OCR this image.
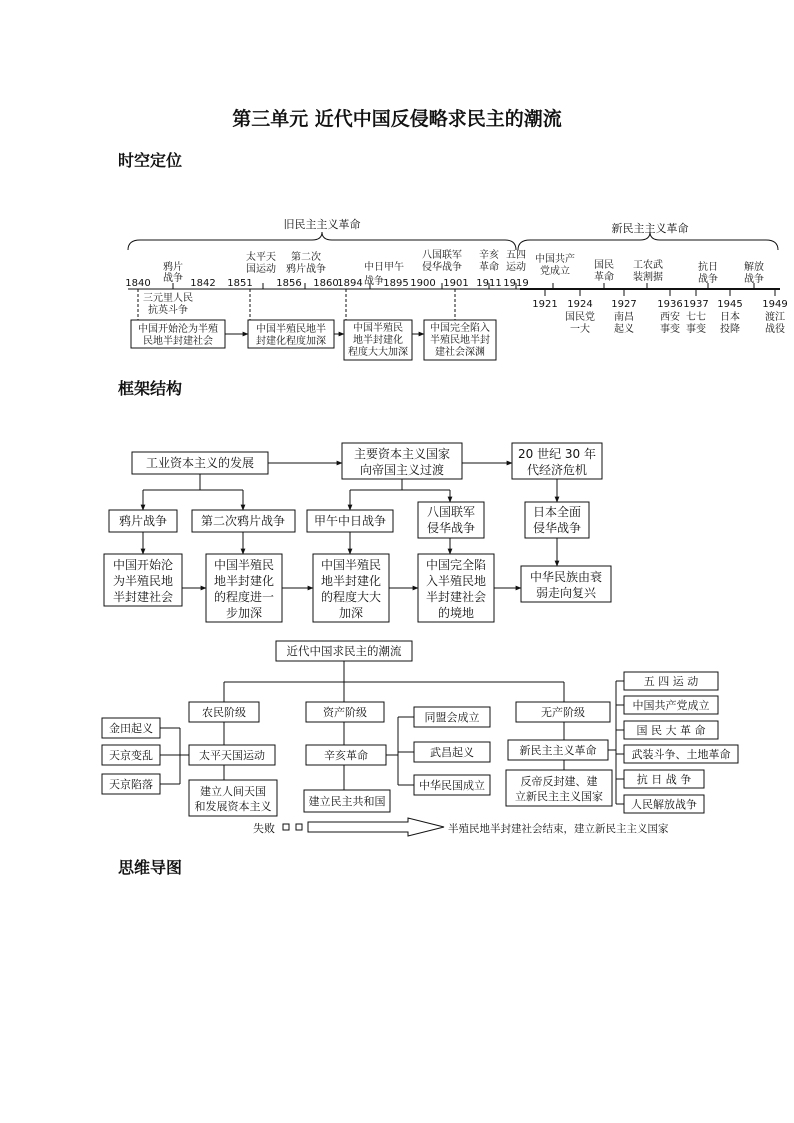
第三单元 近代中国反侵略求民主的潮流
时空定位
框架结构
思维导图
旧民主主义革命	新民主主义革命
鸦片
战争
太平天
国运动
第二次
鸦片战争	中日甲午
战争
八国联军
侵华战争
辛亥
革命
五四
运动
中国共产
党成立
国民
革命
工农武
装割据
抗日
战争
解放
战争
1840	1842 1851 1856 1860
1894 1895 1900 1901 1911 1919
1921 1924 1927 1936 1937 1945 1949
三元里人民
抗英斗争
国民党
一大
南昌
起义
西安
事变
七七
事变
日本
投降
渡江
战役
中国开始沦为半殖
民地半封建社会
中国半殖民地半
封建化程度加深
中国半殖民
地半封建化
程度大大加深
中国完全陷入
半殖民地半封
建社会深渊
工业资本主义的发展
主要资本主义国家
向帝国主义过渡
20 世纪 30 年
代经济危机
鸦片战争	第二次鸦片战争 甲午中日战争
八国联军
侵华战争
日本全面
侵华战争
中国开始沦
为半殖民地
半封建社会
中国半殖民
地半封建化
的程度进一
步加深
中国半殖民
地半封建化
的程度大大
加深
中国完全陷
入半殖民地
半封建社会
的境地
中华民族由衰
弱走向复兴
近代中国求民主的潮流
农民阶级	资产阶级	无产阶级
太平天国运动
建立人间天国
和发展资本主义
金田起义
天京变乱
天京陷落
辛亥革命
建立民主共和国
同盟会成立
武昌起义
中华民国成立
新民主主义革命
反帝反封建、建
立新民主主义国家
五 四 运 动
中国共产党成立
国 民 大 革 命
武装斗争、土地革命
抗 日 战 争
人民解放战争
失败	半殖民地半封建社会结束，建立新民主主义国家
